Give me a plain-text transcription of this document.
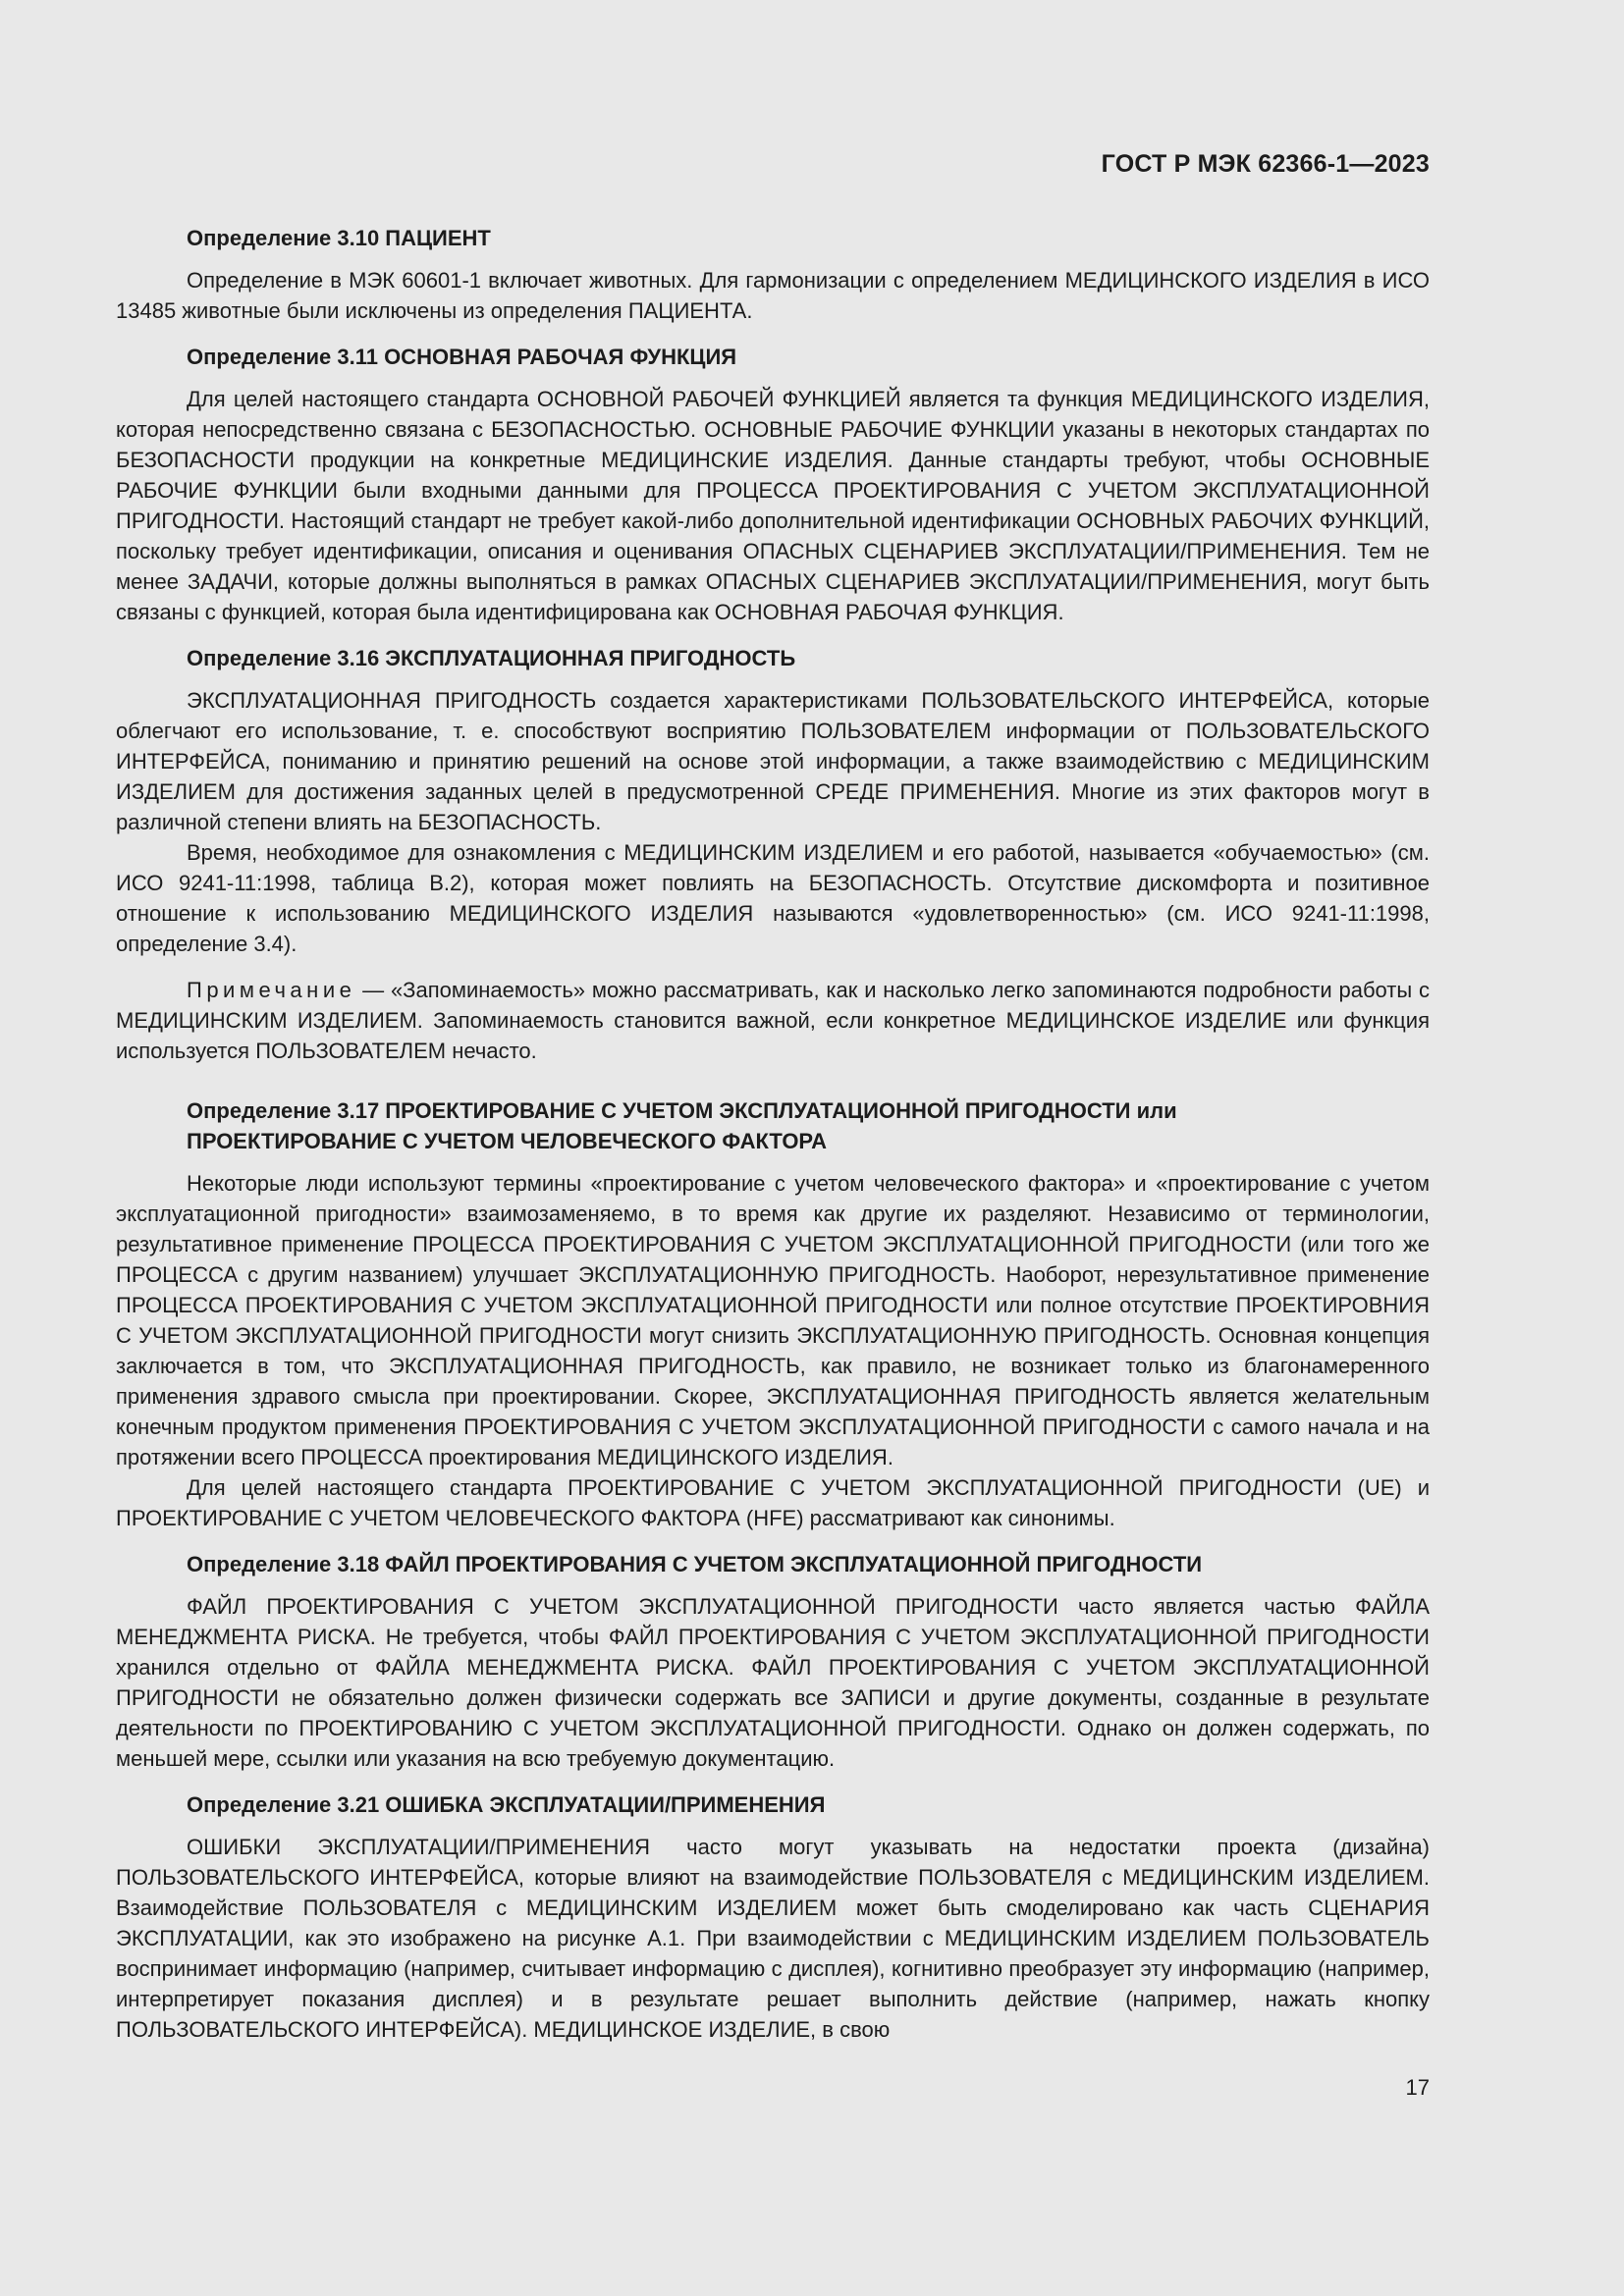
ГОСТ Р МЭК 62366-1—2023

Определение 3.10 ПАЦИЕНТ

Определение в МЭК 60601-1 включает животных. Для гармонизации с определением МЕДИЦИНСКОГО ИЗДЕЛИЯ в ИСО 13485 животные были исключены из определения ПАЦИЕНТА.

Определение 3.11 ОСНОВНАЯ РАБОЧАЯ ФУНКЦИЯ

Для целей настоящего стандарта ОСНОВНОЙ РАБОЧЕЙ ФУНКЦИЕЙ является та функция МЕДИЦИНСКОГО ИЗДЕЛИЯ, которая непосредственно связана с БЕЗОПАСНОСТЬЮ. ОСНОВНЫЕ РАБОЧИЕ ФУНКЦИИ указаны в некоторых стандартах по БЕЗОПАСНОСТИ продукции на конкретные МЕДИЦИНСКИЕ ИЗДЕЛИЯ. Данные стандарты требуют, чтобы ОСНОВНЫЕ РАБОЧИЕ ФУНКЦИИ были входными данными для ПРОЦЕССА ПРОЕКТИРОВАНИЯ С УЧЕТОМ ЭКСПЛУАТАЦИОННОЙ ПРИГОДНОСТИ. Настоящий стандарт не требует какой-либо дополнительной идентификации ОСНОВНЫХ РАБОЧИХ ФУНКЦИЙ, поскольку требует идентификации, описания и оценивания ОПАСНЫХ СЦЕНАРИЕВ ЭКСПЛУАТАЦИИ/ПРИМЕНЕНИЯ. Тем не менее ЗАДАЧИ, которые должны выполняться в рамках ОПАСНЫХ СЦЕНАРИЕВ ЭКСПЛУАТАЦИИ/ПРИМЕНЕНИЯ, могут быть связаны с функцией, которая была идентифицирована как ОСНОВНАЯ РАБОЧАЯ ФУНКЦИЯ.

Определение 3.16 ЭКСПЛУАТАЦИОННАЯ ПРИГОДНОСТЬ

ЭКСПЛУАТАЦИОННАЯ ПРИГОДНОСТЬ создается характеристиками ПОЛЬЗОВАТЕЛЬСКОГО ИНТЕРФЕЙСА, которые облегчают его использование, т. е. способствуют восприятию ПОЛЬЗОВАТЕЛЕМ информации от ПОЛЬЗОВАТЕЛЬСКОГО ИНТЕРФЕЙСА, пониманию и принятию решений на основе этой информации, а также взаимодействию с МЕДИЦИНСКИМ ИЗДЕЛИЕМ для достижения заданных целей в предусмотренной СРЕДЕ ПРИМЕНЕНИЯ. Многие из этих факторов могут в различной степени влиять на БЕЗОПАСНОСТЬ.

Время, необходимое для ознакомления с МЕДИЦИНСКИМ ИЗДЕЛИЕМ и его работой, называется «обучаемостью» (см. ИСО 9241-11:1998, таблица В.2), которая может повлиять на БЕЗОПАСНОСТЬ. Отсутствие дискомфорта и позитивное отношение к использованию МЕДИЦИНСКОГО ИЗДЕЛИЯ называются «удовлетворенностью» (см. ИСО 9241-11:1998, определение 3.4).

Примечание — «Запоминаемость» можно рассматривать, как и насколько легко запоминаются подробности работы с МЕДИЦИНСКИМ ИЗДЕЛИЕМ. Запоминаемость становится важной, если конкретное МЕДИЦИНСКОЕ ИЗДЕЛИЕ или функция используется ПОЛЬЗОВАТЕЛЕМ нечасто.

Определение 3.17 ПРОЕКТИРОВАНИЕ С УЧЕТОМ ЭКСПЛУАТАЦИОННОЙ ПРИГОДНОСТИ или

ПРОЕКТИРОВАНИЕ С УЧЕТОМ ЧЕЛОВЕЧЕСКОГО ФАКТОРА

Некоторые люди используют термины «проектирование с учетом человеческого фактора» и «проектирование с учетом эксплуатационной пригодности» взаимозаменяемо, в то время как другие их разделяют. Независимо от терминологии, результативное применение ПРОЦЕССА ПРОЕКТИРОВАНИЯ С УЧЕТОМ ЭКСПЛУАТАЦИОННОЙ ПРИГОДНОСТИ (или того же ПРОЦЕССА с другим названием) улучшает ЭКСПЛУАТАЦИОННУЮ ПРИГОДНОСТЬ. Наоборот, нерезультативное применение ПРОЦЕССА ПРОЕКТИРОВАНИЯ С УЧЕТОМ ЭКСПЛУАТАЦИОННОЙ ПРИГОДНОСТИ или полное отсутствие ПРОЕКТИРОВНИЯ С УЧЕТОМ ЭКСПЛУАТАЦИОННОЙ ПРИГОДНОСТИ могут снизить ЭКСПЛУАТАЦИОННУЮ ПРИГОДНОСТЬ. Основная концепция заключается в том, что ЭКСПЛУАТАЦИОННАЯ ПРИГОДНОСТЬ, как правило, не возникает только из благонамеренного применения здравого смысла при проектировании. Скорее, ЭКСПЛУАТАЦИОННАЯ ПРИГОДНОСТЬ является желательным конечным продуктом применения ПРОЕКТИРОВАНИЯ С УЧЕТОМ ЭКСПЛУАТАЦИОННОЙ ПРИГОДНОСТИ с самого начала и на протяжении всего ПРОЦЕССА проектирования МЕДИЦИНСКОГО ИЗДЕЛИЯ.

Для целей настоящего стандарта ПРОЕКТИРОВАНИЕ С УЧЕТОМ ЭКСПЛУАТАЦИОННОЙ ПРИГОДНОСТИ (UE) и ПРОЕКТИРОВАНИЕ С УЧЕТОМ ЧЕЛОВЕЧЕСКОГО ФАКТОРА (HFE) рассматривают как синонимы.

Определение 3.18 ФАЙЛ ПРОЕКТИРОВАНИЯ С УЧЕТОМ ЭКСПЛУАТАЦИОННОЙ ПРИГОДНОСТИ

ФАЙЛ ПРОЕКТИРОВАНИЯ С УЧЕТОМ ЭКСПЛУАТАЦИОННОЙ ПРИГОДНОСТИ часто является частью ФАЙЛА МЕНЕДЖМЕНТА РИСКА. Не требуется, чтобы ФАЙЛ ПРОЕКТИРОВАНИЯ С УЧЕТОМ ЭКСПЛУАТАЦИОННОЙ ПРИГОДНОСТИ хранился отдельно от ФАЙЛА МЕНЕДЖМЕНТА РИСКА. ФАЙЛ ПРОЕКТИРОВАНИЯ С УЧЕТОМ ЭКСПЛУАТАЦИОННОЙ ПРИГОДНОСТИ не обязательно должен физически содержать все ЗАПИСИ и другие документы, созданные в результате деятельности по ПРОЕКТИРОВАНИЮ С УЧЕТОМ ЭКСПЛУАТАЦИОННОЙ ПРИГОДНОСТИ. Однако он должен содержать, по меньшей мере, ссылки или указания на всю требуемую документацию.

Определение 3.21 ОШИБКА ЭКСПЛУАТАЦИИ/ПРИМЕНЕНИЯ

ОШИБКИ ЭКСПЛУАТАЦИИ/ПРИМЕНЕНИЯ часто могут указывать на недостатки проекта (дизайна) ПОЛЬЗОВАТЕЛЬСКОГО ИНТЕРФЕЙСА, которые влияют на взаимодействие ПОЛЬЗОВАТЕЛЯ с МЕДИЦИНСКИМ ИЗДЕЛИЕМ. Взаимодействие ПОЛЬЗОВАТЕЛЯ с МЕДИЦИНСКИМ ИЗДЕЛИЕМ может быть смоделировано как часть СЦЕНАРИЯ ЭКСПЛУАТАЦИИ, как это изображено на рисунке А.1. При взаимодействии с МЕДИЦИНСКИМ ИЗДЕЛИЕМ ПОЛЬЗОВАТЕЛЬ воспринимает информацию (например, считывает информацию с дисплея), когнитивно преобразует эту информацию (например, интерпретирует показания дисплея) и в результате решает выполнить действие (например, нажать кнопку ПОЛЬЗОВАТЕЛЬСКОГО ИНТЕРФЕЙСА). МЕДИЦИНСКОЕ ИЗДЕЛИЕ, в свою

17
